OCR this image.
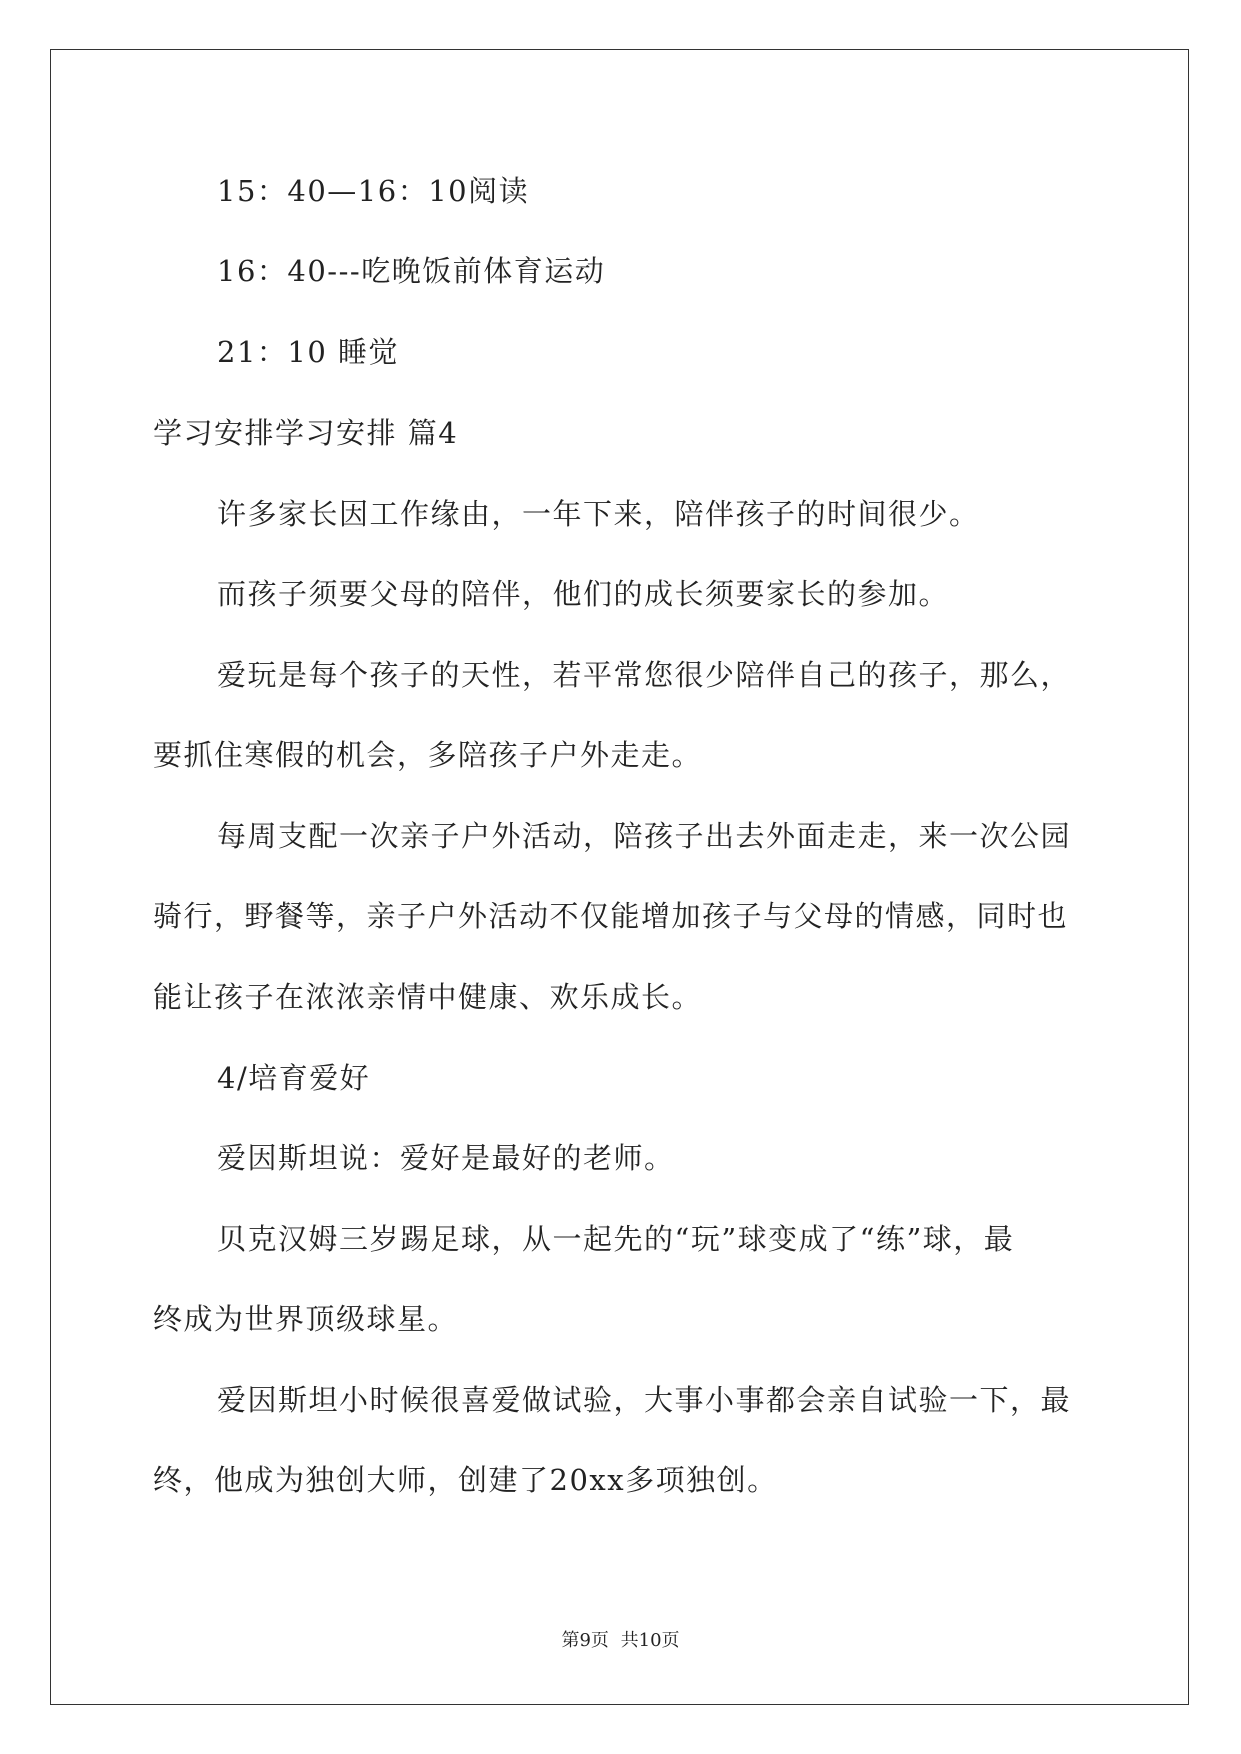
15：40—16：10阅读
16：40---吃晚饭前体育运动
21：10 睡觉
学习安排学习安排 篇4
许多家长因工作缘由，一年下来，陪伴孩子的时间很少。
而孩子须要父母的陪伴，他们的成长须要家长的参加。
爱玩是每个孩子的天性，若平常您很少陪伴自己的孩子，那么，
要抓住寒假的机会，多陪孩子户外走走。
每周支配一次亲子户外活动，陪孩子出去外面走走，来一次公园
骑行，野餐等，亲子户外活动不仅能增加孩子与父母的情感，同时也
能让孩子在浓浓亲情中健康、欢乐成长。
4/培育爱好
爱因斯坦说：爱好是最好的老师。
贝克汉姆三岁踢足球，从一起先的“玩”球变成了“练”球，最
终成为世界顶级球星。
爱因斯坦小时候很喜爱做试验，大事小事都会亲自试验一下，最
终，他成为独创大师，创建了20xx多项独创。
第9页 共10页
